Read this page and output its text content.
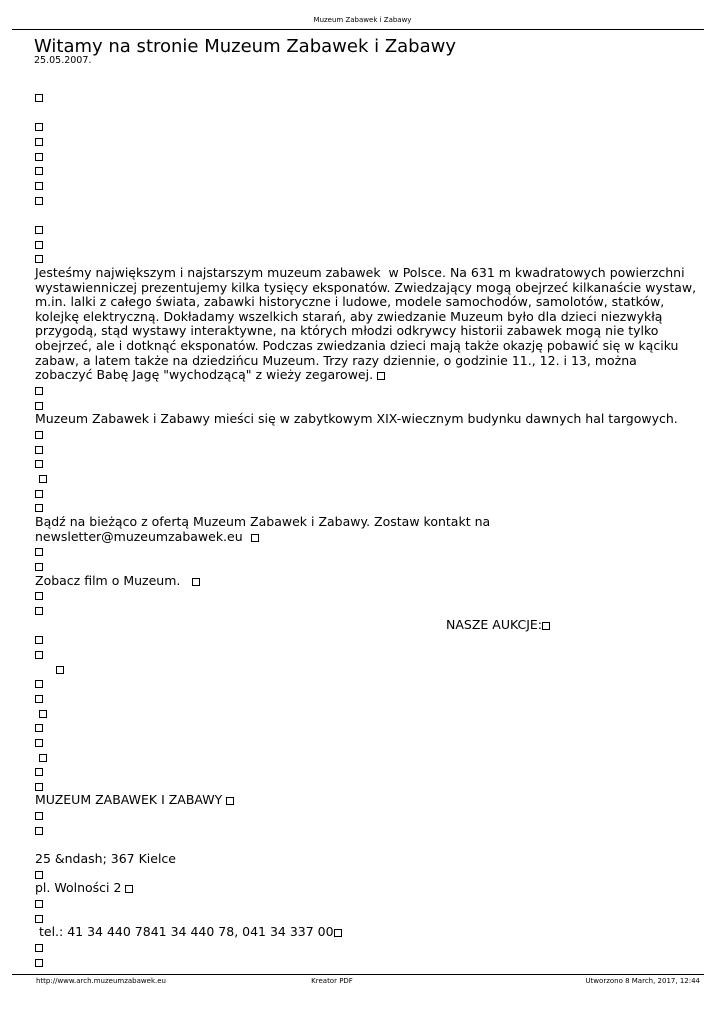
Muzeum Zabawek i Zabawy
Witamy na stronie Muzeum Zabawek i Zabawy
25.05.2007.
Jesteśmy największym i najstarszym muzeum zabawek  w Polsce. Na 631 m kwadratowych powierzchni
wystawienniczej prezentujemy kilka tysięcy eksponatów. Zwiedzający mogą obejrzeć kilkanaście wystaw,
m.in. lalki z całego świata, zabawki historyczne i ludowe, modele samochodów, samolotów, statków,
kolejkę elektryczną. Dokładamy wszelkich starań, aby zwiedzanie Muzeum było dla dzieci niezwykłą
przygodą, stąd wystawy interaktywne, na których młodzi odkrywcy historii zabawek mogą nie tylko
obejrzeć, ale i dotknąć eksponatów. Podczas zwiedzania dzieci mają także okazję pobawić się w kąciku
zabaw, a latem także na dziedzińcu Muzeum. Trzy razy dziennie, o godzinie 11., 12. i 13, można
zobaczyć Babę Jagę "wychodzącą" z wieży zegarowej.
Muzeum Zabawek i Zabawy mieści się w zabytkowym XIX-wiecznym budynku dawnych hal targowych.

Bądź na bieżąco z ofertą Muzeum Zabawek i Zabawy. Zostaw kontakt na
newsletter@muzeumzabawek.eu
Zobacz film o Muzeum.
NASZE AUKCJE:

MUZEUM ZABAWEK I ZABAWY
25 &ndash; 367 Kielce
pl. Wolności 2
tel.: 41 34 440 7841 34 440 78, 041 34 337 00
http://www.arch.muzeumzabawek.eu	Kreator PDF	Utworzono 8 March, 2017, 12:44
